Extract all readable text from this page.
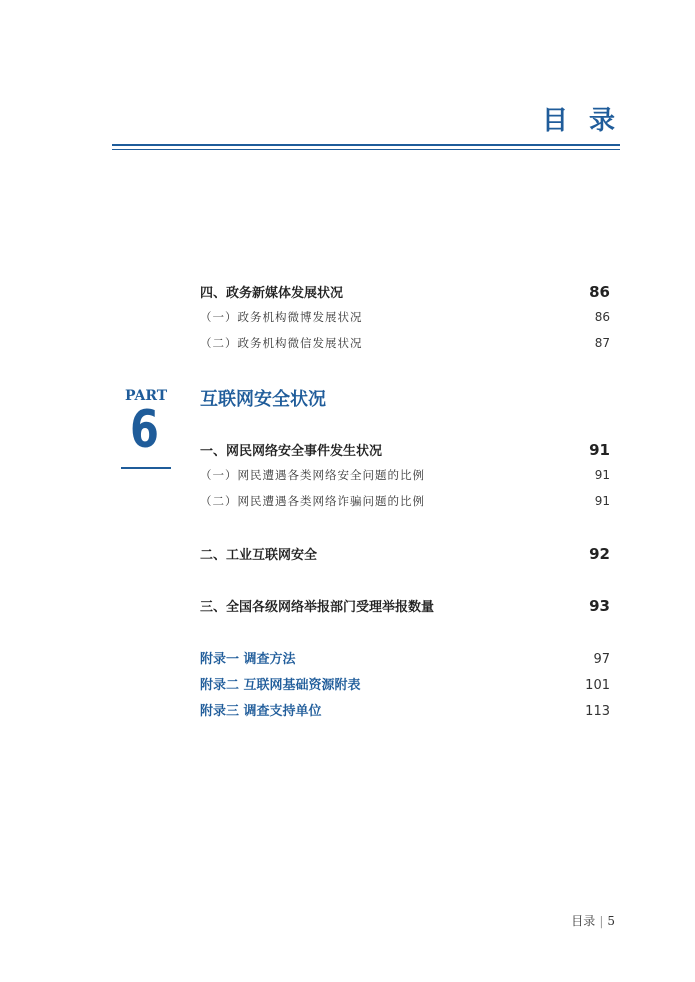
目 录
四、政务新媒体发展状况	86
（一）政务机构微博发展状况	86
（二）政务机构微信发展状况	87
PART
6
互联网安全状况
一、网民网络安全事件发生状况	91
（一）网民遭遇各类网络安全问题的比例	91
（二）网民遭遇各类网络诈骗问题的比例	91
二、工业互联网安全	92
三、全国各级网络举报部门受理举报数量	93
附录一 调查方法	97
附录二 互联网基础资源附表	101
附录三 调查支持单位	113
目录 | 5
